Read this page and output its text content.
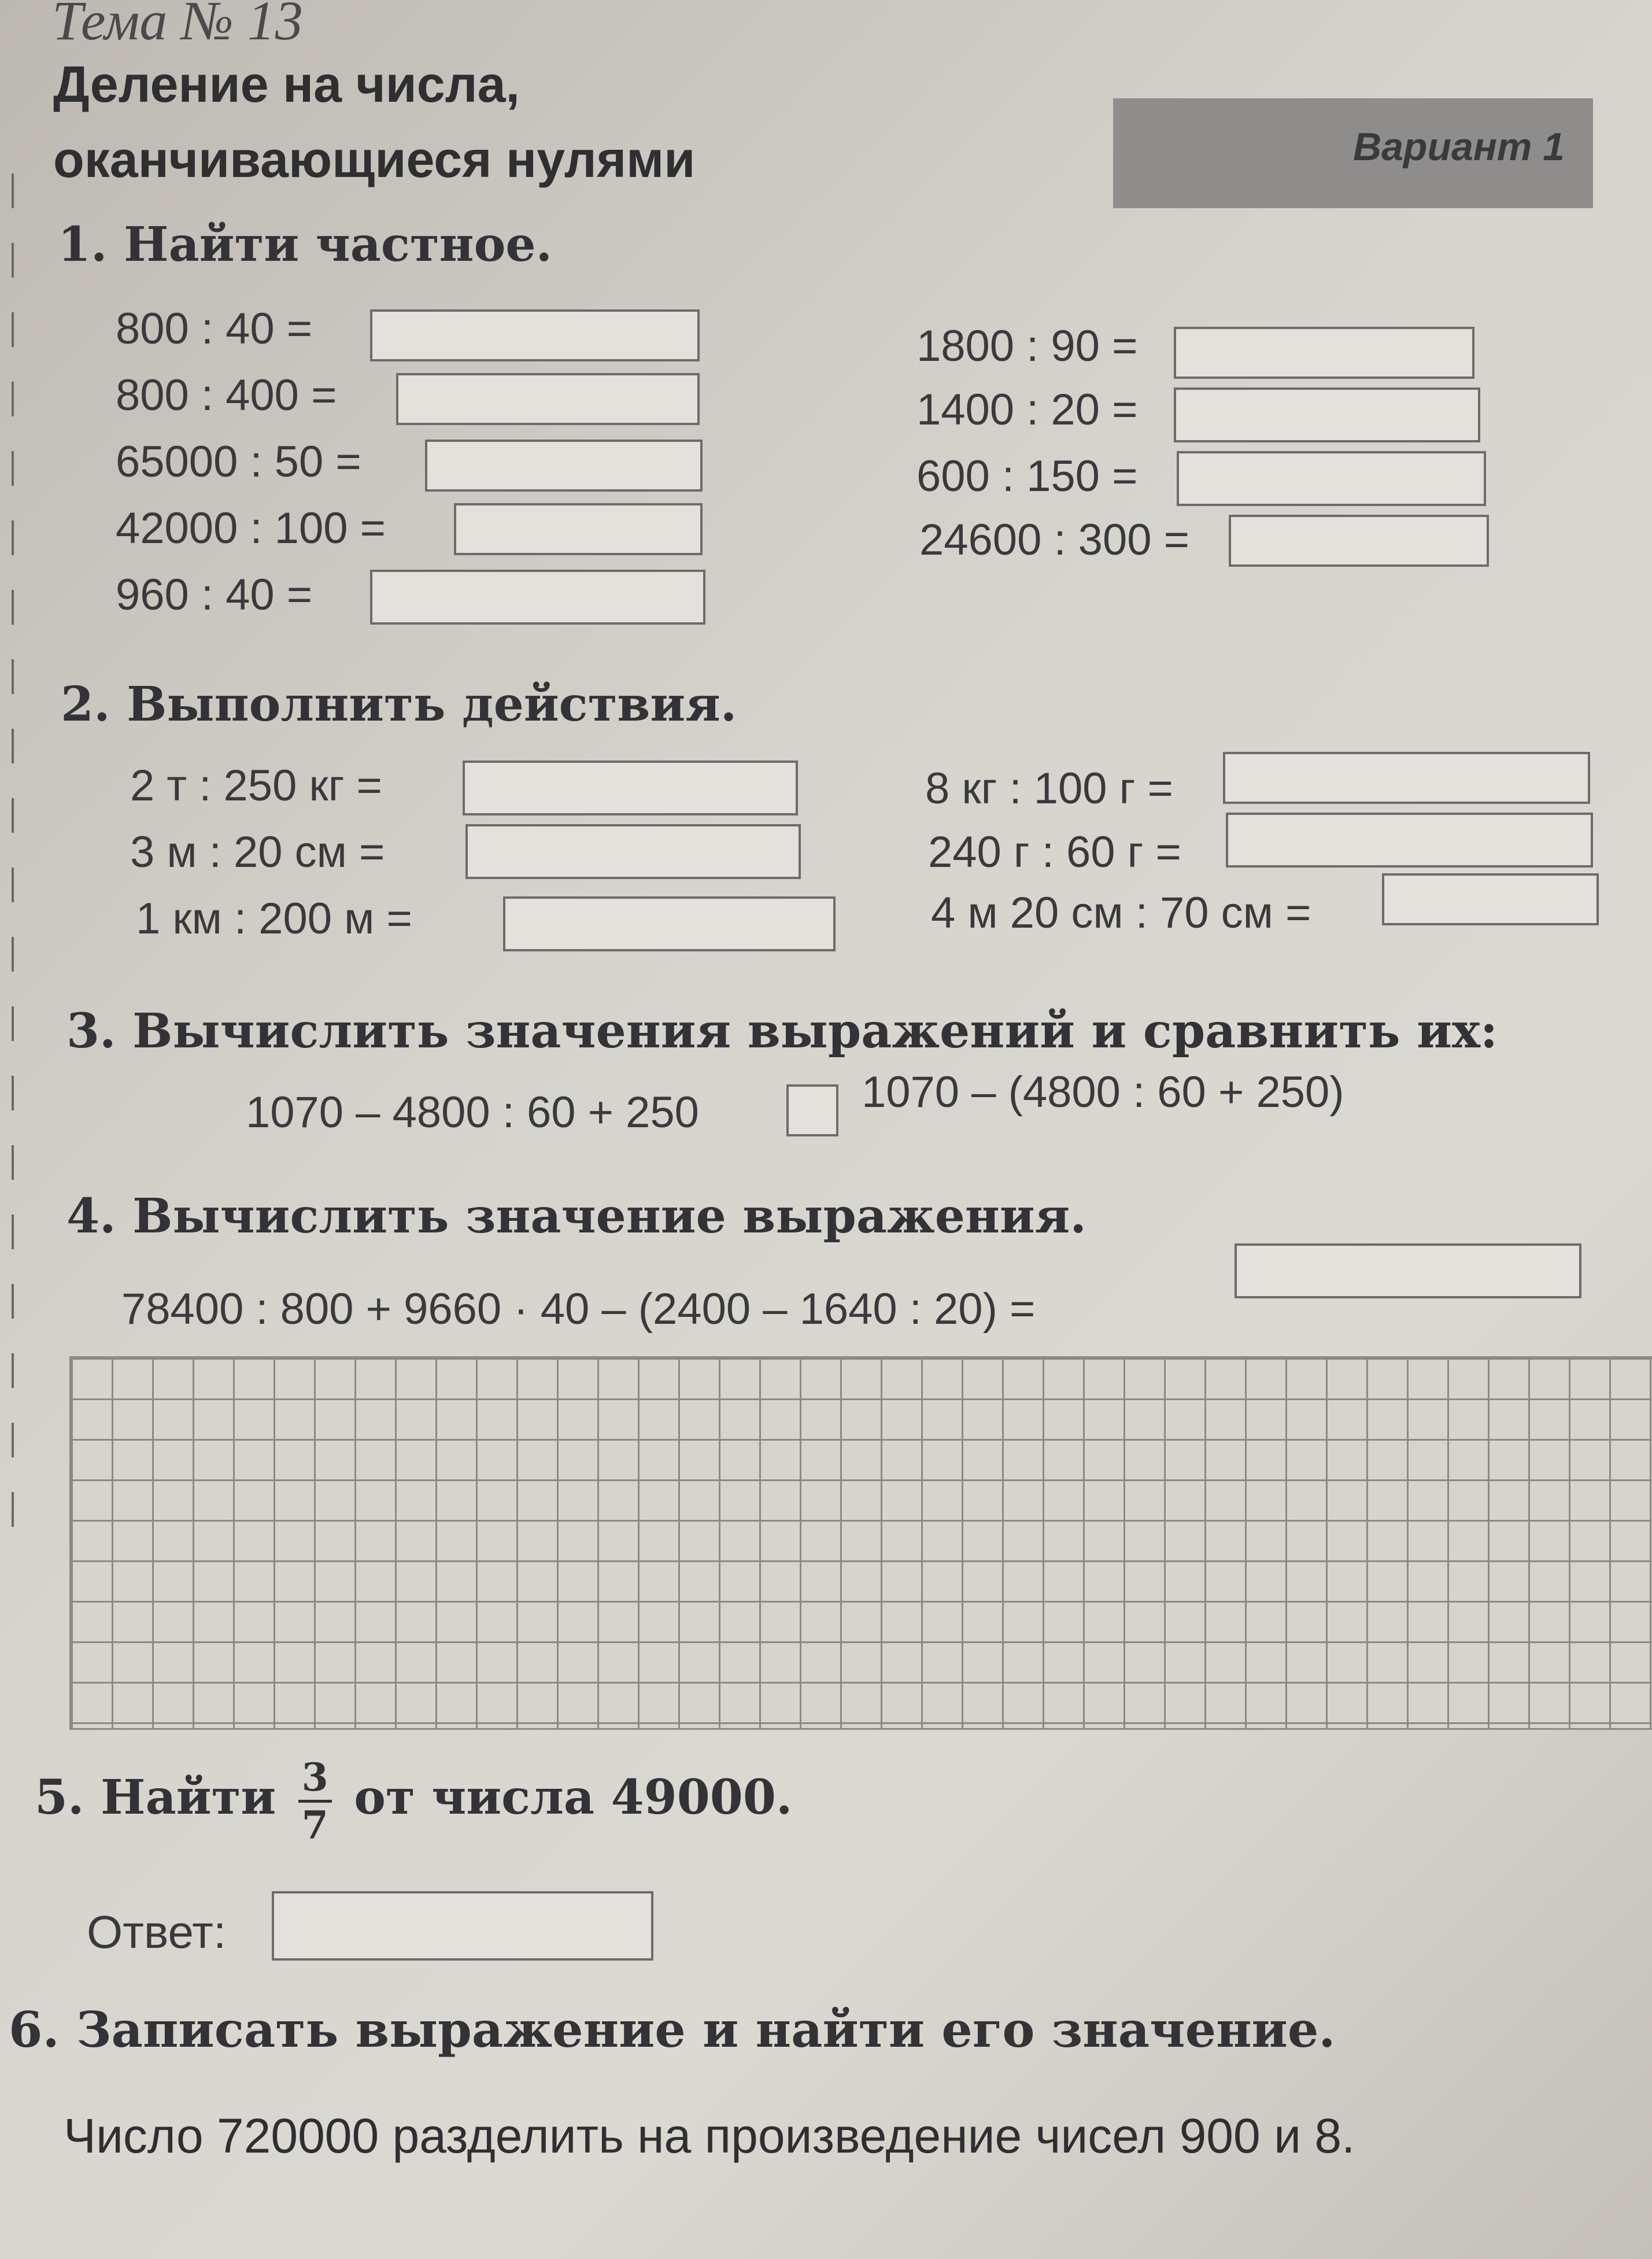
Тема № 13
Деление на числа,
оканчивающиеся нулями	Вариант 1
1. Найти частное.
800 : 40 =
800 : 400 =
65000 : 50 =
42000 : 100 =
960 : 40 =
1800 : 90 =
1400 : 20 =
600 : 150 =
24600 : 300 =
2. Выполнить действия.
2 т : 250 кг =
3 м : 20 см =
1 км : 200 м =
8 кг : 100 г =
240 г : 60 г =
4 м 20 см : 70 см =
3. Вычислить значения выражений и сравнить их:
1070 – 4800 : 60 + 250	1070 – (4800 : 60 + 250)
4. Вычислить значение выражения.
78400 : 800 + 9660 · 40 – (2400 – 1640 : 20) =
5. Найти $\frac{3}{7}$ от числа 49000.
Ответ:
6. Записать выражение и найти его значение.
Число 720000 разделить на произведение чисел 900 и 8.
